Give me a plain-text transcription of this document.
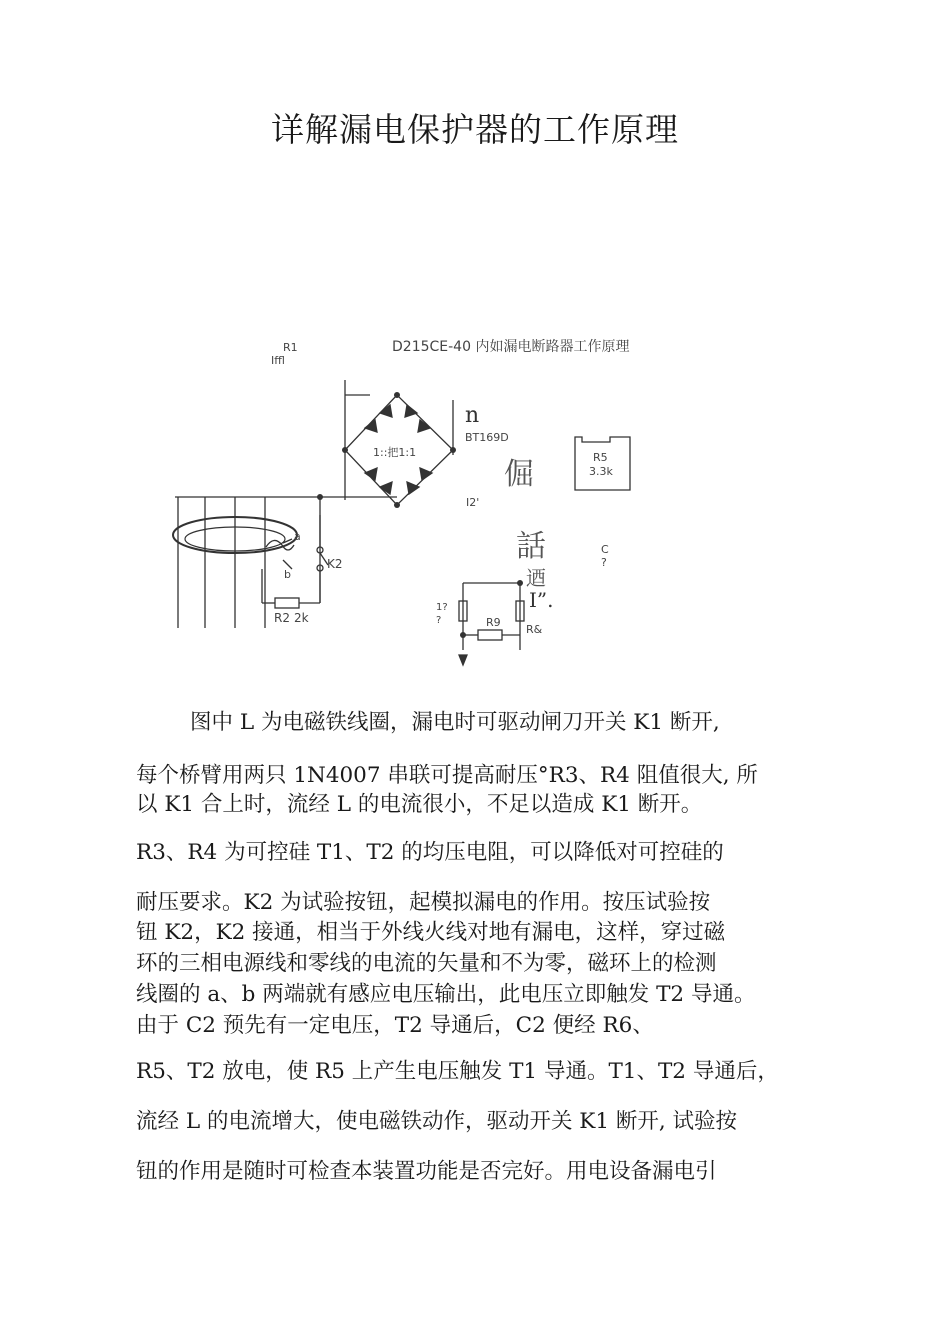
详解漏电保护器的工作原理
D215CE-40 内如漏电断路器工作原理
R1
Iffl
n
BT169D
1::把1:1
倔	R5
3.3k
I2'
話	C
?
迺
I”.
a
b
K2
R2 2k
1?
?	R9
R&
图中 L 为电磁铁线圈，漏电时可驱动闸刀开关 K1 断开,
每个桥臂用两只 1N4007 串联可提高耐压°R3、R4 阻值很大, 所
以 K1 合上时，流经 L 的电流很小，不足以造成 K1 断开。
R3、R4 为可控硅 T1、T2 的均压电阻，可以降低对可控硅的
耐压要求。K2 为试验按钮，起模拟漏电的作用。按压试验按
钮 K2，K2 接通，相当于外线火线对地有漏电，这样，穿过磁
环的三相电源线和零线的电流的矢量和不为零，磁环上的检测
线圈的 a、b 两端就有感应电压输出，此电压立即触发 T2 导通。
由于 C2 预先有一定电压，T2 导通后，C2 便经 R6、
R5、T2 放电，使 R5 上产生电压触发 T1 导通。T1、T2 导通后，
流经 L 的电流增大，使电磁铁动作，驱动开关 K1 断开, 试验按
钮的作用是随时可检查本装置功能是否完好。用电设备漏电引
